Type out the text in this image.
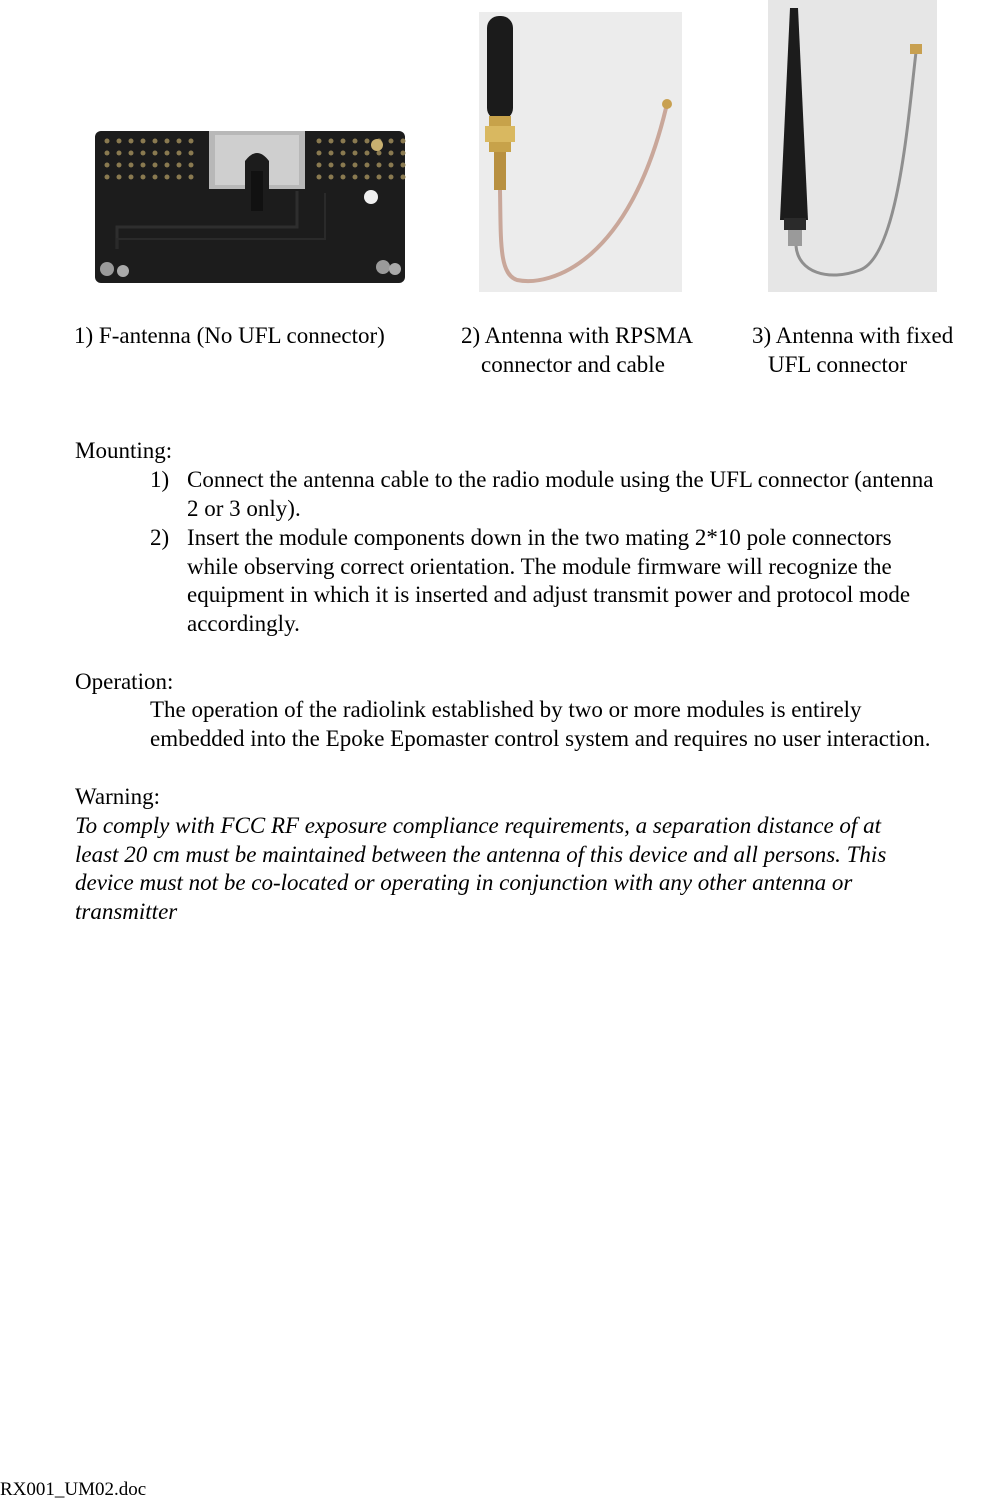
1) F-antenna (No UFL connector)	2) Antenna with RPSMA
connector and cable
3) Antenna with fixed
UFL connector
Mounting:
1) Connect the antenna cable to the radio module using the UFL connector (antenna
2 or 3 only).
2) Insert the module components down in the two mating 2*10 pole connectors
while observing correct orientation. The module firmware will recognize the
equipment in which it is inserted and adjust transmit power and protocol mode
accordingly.
Operation:
The operation of the radiolink established by two or more modules is entirely
embedded into the Epoke Epomaster control system and requires no user interaction.
Warning:
To comply with FCC RF exposure compliance requirements, a separation distance of at
least 20 cm must be maintained between the antenna of this device and all persons. This
device must not be co-located or operating in conjunction with any other antenna or
transmitter
RX001_UM02.doc
